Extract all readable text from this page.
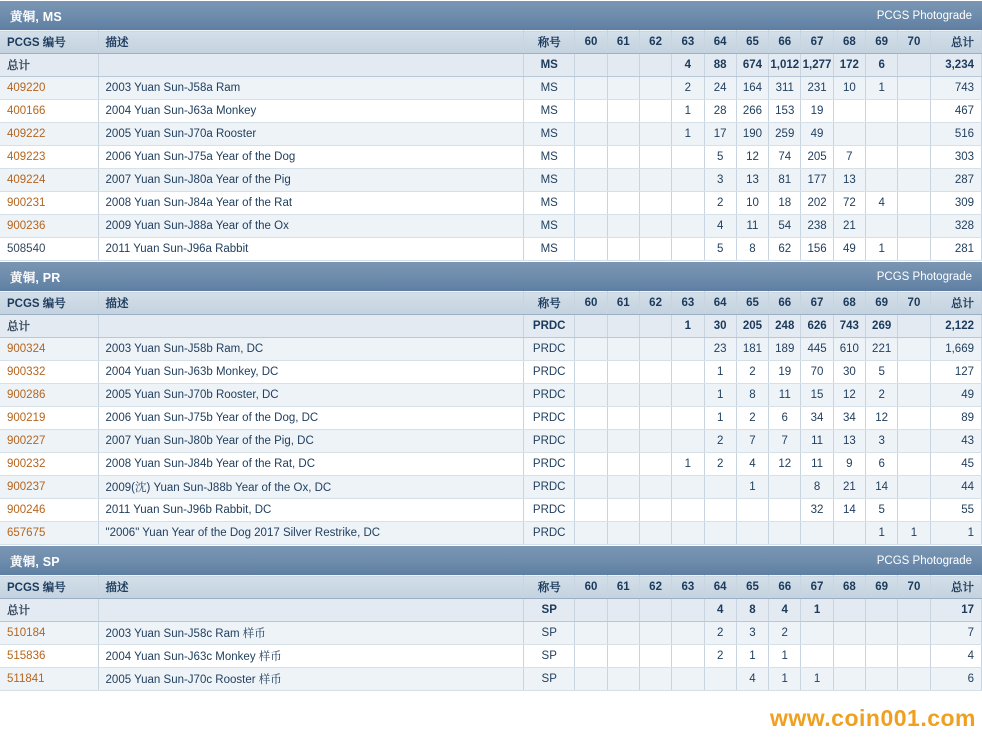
黄铜, MS	PCGS Photograde
PCGS 编号	描述	称号	60	61	62	63	64	65	66	67	68	69	70	总计
总计		MS				4	88	674	1,012	1,277	172	6		3,234
409220	2003 Yuan Sun-J58a Ram	MS				2	24	164	311	231	10	1		743
400166	2004 Yuan Sun-J63a Monkey	MS				1	28	266	153	19				467
409222	2005 Yuan Sun-J70a Rooster	MS				1	17	190	259	49				516
409223	2006 Yuan Sun-J75a Year of the Dog	MS					5	12	74	205	7			303
409224	2007 Yuan Sun-J80a Year of the Pig	MS					3	13	81	177	13			287
900231	2008 Yuan Sun-J84a Year of the Rat	MS					2	10	18	202	72	4		309
900236	2009 Yuan Sun-J88a Year of the Ox	MS					4	11	54	238	21			328
508540	2011 Yuan Sun-J96a Rabbit	MS					5	8	62	156	49	1		281
黄铜, PR	PCGS Photograde
PCGS 编号	描述	称号	60	61	62	63	64	65	66	67	68	69	70	总计
总计		PRDC				1	30	205	248	626	743	269		2,122
900324	2003 Yuan Sun-J58b Ram, DC	PRDC					23	181	189	445	610	221		1,669
900332	2004 Yuan Sun-J63b Monkey, DC	PRDC					1	2	19	70	30	5		127
900286	2005 Yuan Sun-J70b Rooster, DC	PRDC					1	8	11	15	12	2		49
900219	2006 Yuan Sun-J75b Year of the Dog, DC	PRDC					1	2	6	34	34	12		89
900227	2007 Yuan Sun-J80b Year of the Pig, DC	PRDC					2	7	7	11	13	3		43
900232	2008 Yuan Sun-J84b Year of the Rat, DC	PRDC				1	2	4	12	11	9	6		45
900237	2009(沈) Yuan Sun-J88b Year of the Ox, DC	PRDC						1		8	21	14		44
900246	2011 Yuan Sun-J96b Rabbit, DC	PRDC								32	14	5		55
657675	"2006" Yuan Year of the Dog 2017 Silver Restrike, DC	PRDC										1	1	1
黄铜, SP	PCGS Photograde
PCGS 编号	描述	称号	60	61	62	63	64	65	66	67	68	69	70	总计
总计		SP					4	8	4	1				17
510184	2003 Yuan Sun-J58c Ram 样币	SP					2	3	2					7
515836	2004 Yuan Sun-J63c Monkey 样币	SP					2	1	1					4
511841	2005 Yuan Sun-J70c Rooster 样币	SP						4	1	1				6
www.coin001.com
